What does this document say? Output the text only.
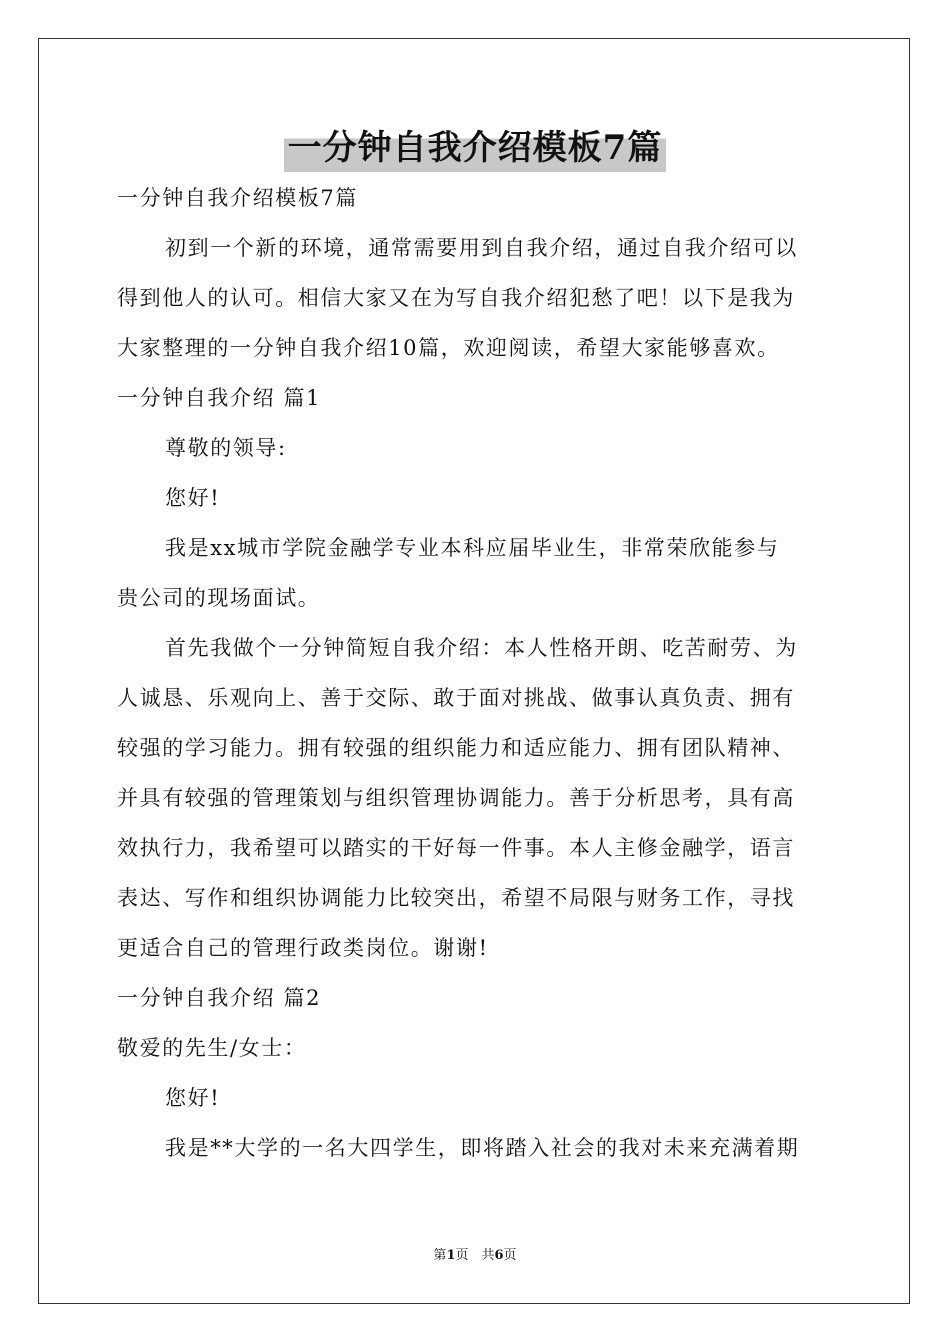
一分钟自我介绍模板7篇
一分钟自我介绍模板7篇
初到一个新的环境，通常需要用到自我介绍，通过自我介绍可以
得到他人的认可。相信大家又在为写自我介绍犯愁了吧！以下是我为
大家整理的一分钟自我介绍10篇，欢迎阅读，希望大家能够喜欢。
一分钟自我介绍 篇1
尊敬的领导:
您好!
我是xx城市学院金融学专业本科应届毕业生，非常荣欣能参与
贵公司的现场面试。
首先我做个一分钟简短自我介绍：本人性格开朗、吃苦耐劳、为
人诚恳、乐观向上、善于交际、敢于面对挑战、做事认真负责、拥有
较强的学习能力。拥有较强的组织能力和适应能力、拥有团队精神、
并具有较强的管理策划与组织管理协调能力。善于分析思考，具有高
效执行力，我希望可以踏实的干好每一件事。本人主修金融学，语言
表达、写作和组织协调能力比较突出，希望不局限与财务工作，寻找
更适合自己的管理行政类岗位。谢谢!
一分钟自我介绍 篇2
敬爱的先生/女士：
您好!
我是**大学的一名大四学生，即将踏入社会的我对未来充满着期
第1页　共6页
